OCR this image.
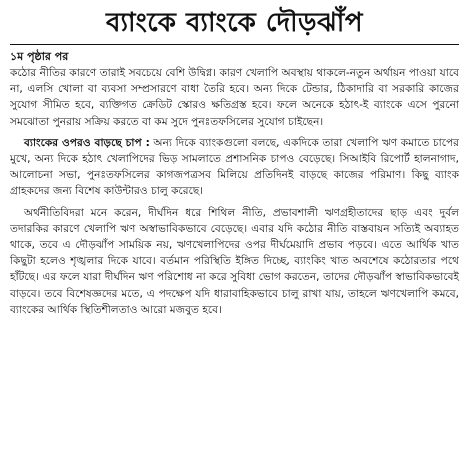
ব্যাংকে ব্যাংকে দৌড়ঝাঁপ
১ম পৃষ্ঠার পর

কঠোর নীতির কারণে তারাই সবচেয়ে বেশি উদ্বিগ্ন। কারণ খেলাপি অবস্থায় থাকলে-নতুন অর্থায়ন পাওয়া যাবে না, এলসি খোলা বা ব্যবসা সম্প্রসারণে বাধা তৈরি হবে। অন্য দিকে টেন্ডার, ঠিকাদারি বা সরকারি কাজের সুযোগ সীমিত হবে, ব্যক্তিগত ক্রেডিট স্কোরও ক্ষতিগ্রস্ত হবে। ফলে অনেকে হঠাৎ-ই ব্যাংকে এসে পুরনো সমঝোতা পুনরায় সক্রিয় করতে বা কম সুদে পুনঃতফসিলের সুযোগ চাইছেন।

ব্যাংকের ওপরও বাড়ছে চাপ : অন্য দিকে ব্যাংকগুলো বলছে, একদিকে তারা খেলাপি ঋণ কমাতে চাপের মুখে, অন্য দিকে হঠাৎ খেলাপিদের ভিড় সামলাতে প্রশাসনিক চাপও বেড়েছে। সিআইবি রিপোর্ট হালনাগাদ, আলোচনা সভা, পুনঃতফসিলের কাগজপত্রসব মিলিয়ে প্রতিদিনই বাড়ছে কাজের পরিমাণ। কিছু ব্যাংক গ্রাহকদের জন্য বিশেষ কাউন্টারও চালু করেছে।

অর্থনীতিবিদরা মনে করেন, দীর্ঘদিন ধরে শিথিল নীতি, প্রভাবশালী ঋণগ্রহীতাদের ছাড় এবং দুর্বল তদারকির কারণে খেলাপি ঋণ অস্বাভাবিকভাবে বেড়েছে। এবার যদি কঠোর নীতি বাস্তবায়ন সত্যিই অব্যাহত থাকে, তবে এ দৌড়ঝাঁপ সাময়িক নয়, ঋণখেলাপিদের ওপর দীর্ঘমেয়াদি প্রভাব পড়বে। এতে আর্থিক খাত কিছুটা হলেও শৃঙ্খলার দিকে যাবে। বর্তমান পরিস্থিতি ইঙ্গিত দিচ্ছে, ব্যাংকিং খাত অবশেষে কঠোরতার পথে হাঁটছে। এর ফলে যারা দীর্ঘদিন ঋণ পরিশোধ না করে সুবিধা ভোগ করতেন, তাদের দৌড়ঝাঁপ স্বাভাবিকভাবেই বাড়বে। তবে বিশেষজ্ঞদের মতে, এ পদক্ষেপ যদি ধারাবাহিকভাবে চালু রাখা যায়, তাহলে ঋণখেলাপি কমবে, ব্যাংকের আর্থিক স্থিতিশীলতাও আরো মজবুত হবে।
